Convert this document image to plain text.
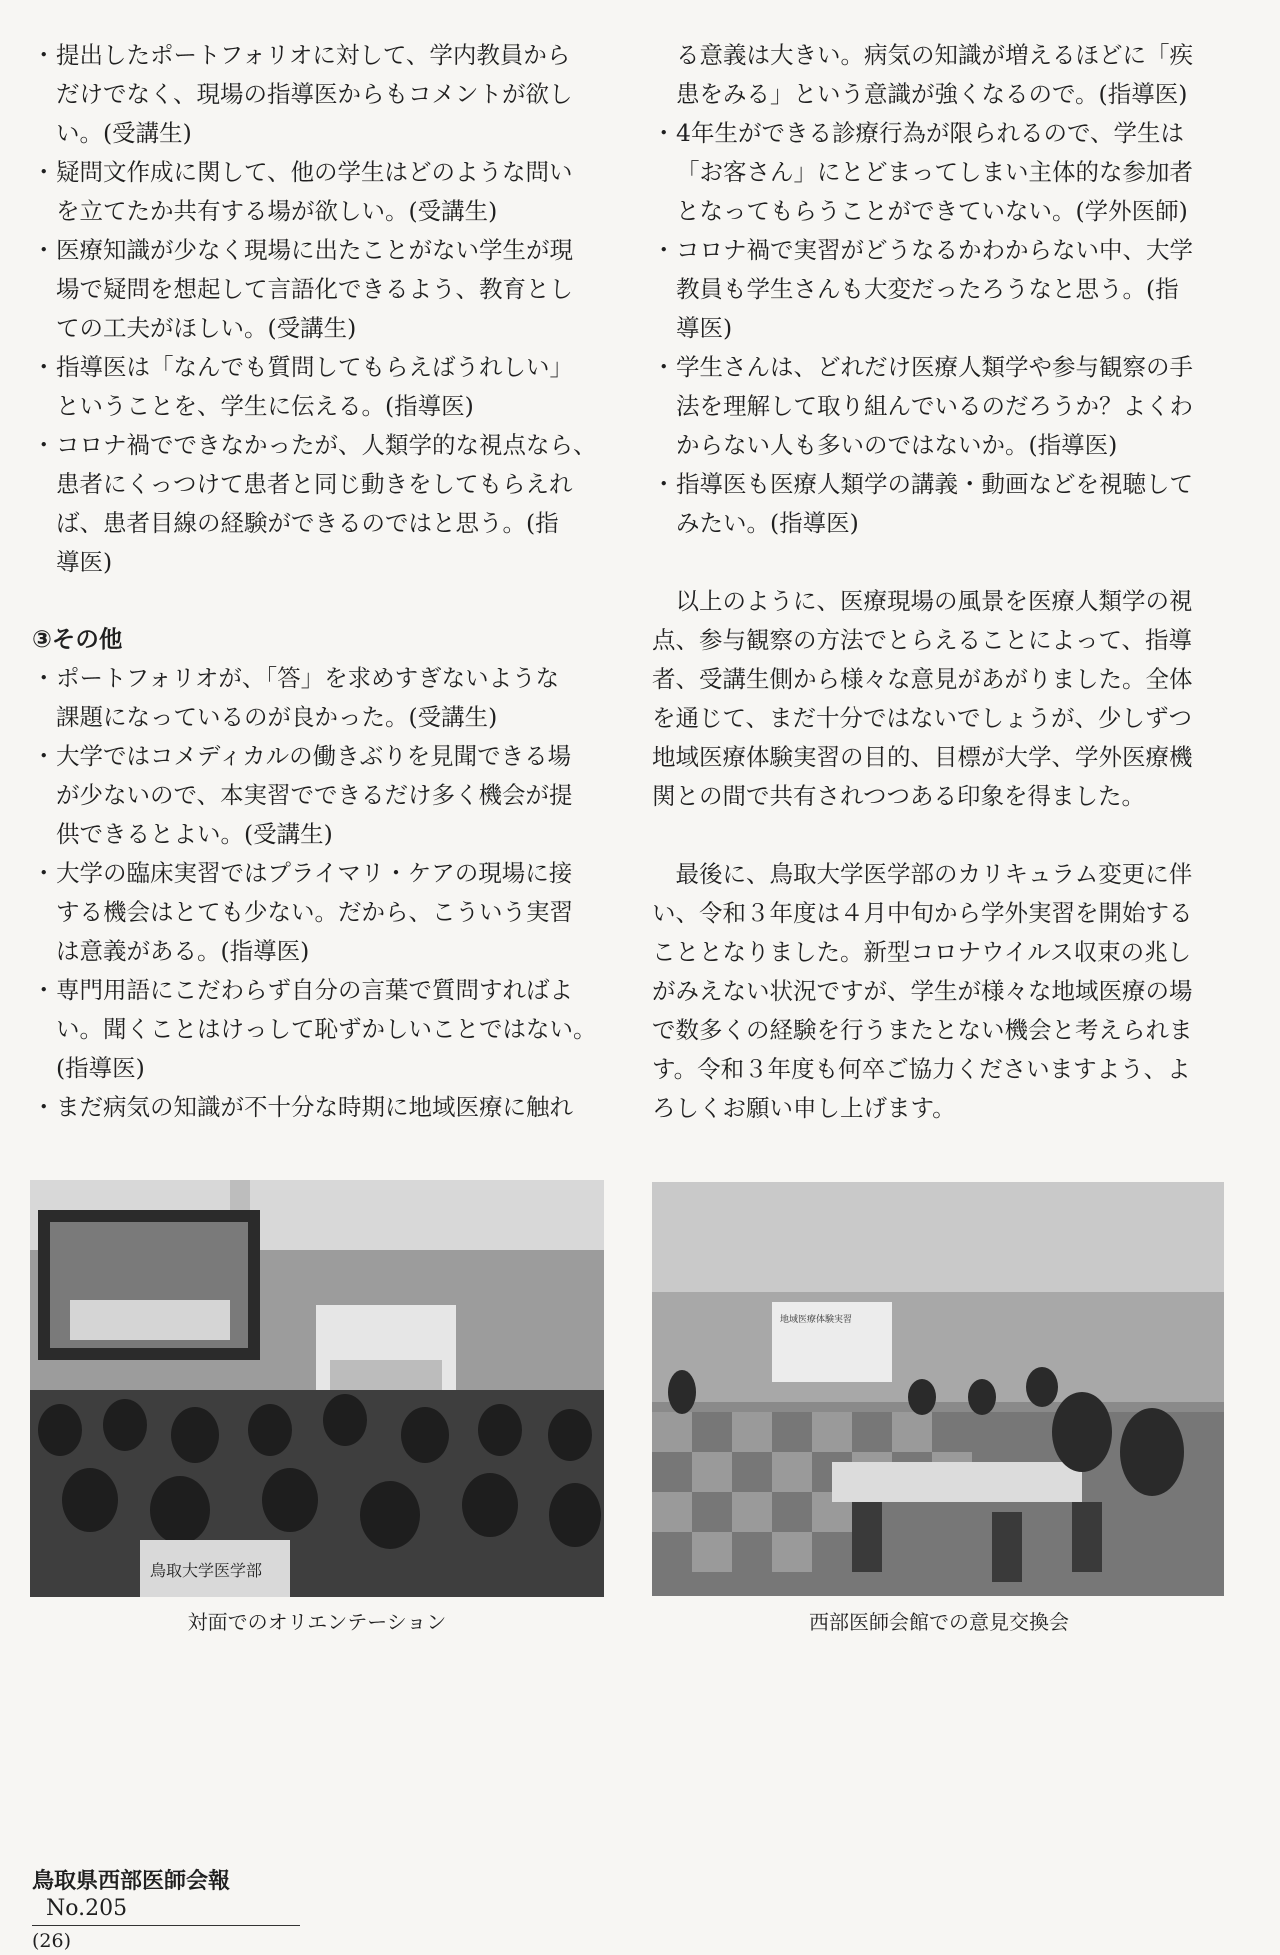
・ 提出したポートフォリオに対して、学内教員から

だけでなく、現場の指導医からもコメントが欲し

い。(受講生)

・ 疑問文作成に関して、他の学生はどのような問い

を立てたか共有する場が欲しい。(受講生)

・ 医療知識が少なく現場に出たことがない学生が現

場で疑問を想起して言語化できるよう、教育とし

ての工夫がほしい。(受講生)

・ 指導医は「なんでも質問してもらえばうれしい」

ということを、学生に伝える。(指導医)

・ コロナ禍でできなかったが、人類学的な視点なら、

患者にくっつけて患者と同じ動きをしてもらえれ

ば、患者目線の経験ができるのではと思う。(指

導医)

③その他

・ ポートフォリオが、「答」を求めすぎないような

課題になっているのが良かった。(受講生)

・ 大学ではコメディカルの働きぶりを見聞できる場

が少ないので、本実習でできるだけ多く機会が提

供できるとよい。(受講生)

・ 大学の臨床実習ではプライマリ・ケアの現場に接

する機会はとても少ない。だから、こういう実習

は意義がある。(指導医)

・ 専門用語にこだわらず自分の言葉で質問すればよ

い。聞くことはけっして恥ずかしいことではない。

(指導医)

・ まだ病気の知識が不十分な時期に地域医療に触れ

る意義は大きい。病気の知識が増えるほどに「疾

患をみる」という意識が強くなるので。(指導医)

・ 4年生ができる診療行為が限られるので、学生は

「お客さん」にとどまってしまい主体的な参加者

となってもらうことができていない。(学外医師)

・ コロナ禍で実習がどうなるかわからない中、大学

教員も学生さんも大変だったろうなと思う。(指

導医)

・ 学生さんは、どれだけ医療人類学や参与観察の手

法を理解して取り組んでいるのだろうか？よくわ

からない人も多いのではないか。(指導医)

・ 指導医も医療人類学の講義・動画などを視聴して

みたい。(指導医)

以上のように、医療現場の風景を医療人類学の視

点、参与観察の方法でとらえることによって、指導

者、受講生側から様々な意見があがりました。全体

を通じて、まだ十分ではないでしょうが、少しずつ

地域医療体験実習の目的、目標が大学、学外医療機

関との間で共有されつつある印象を得ました。

最後に、鳥取大学医学部のカリキュラム変更に伴

い、令和３年度は４月中旬から学外実習を開始する

こととなりました。新型コロナウイルス収束の兆し

がみえない状況ですが、学生が様々な地域医療の場

で数多くの経験を行うまたとない機会と考えられま

す。令和３年度も何卒ご協力くださいますよう、よ

ろしくお願い申し上げます。

鳥取大学医学部
対面でのオリエンテーション
地域医療体験実習
西部医師会館での意見交換会
鳥取県西部医師会報No.205
(26)
